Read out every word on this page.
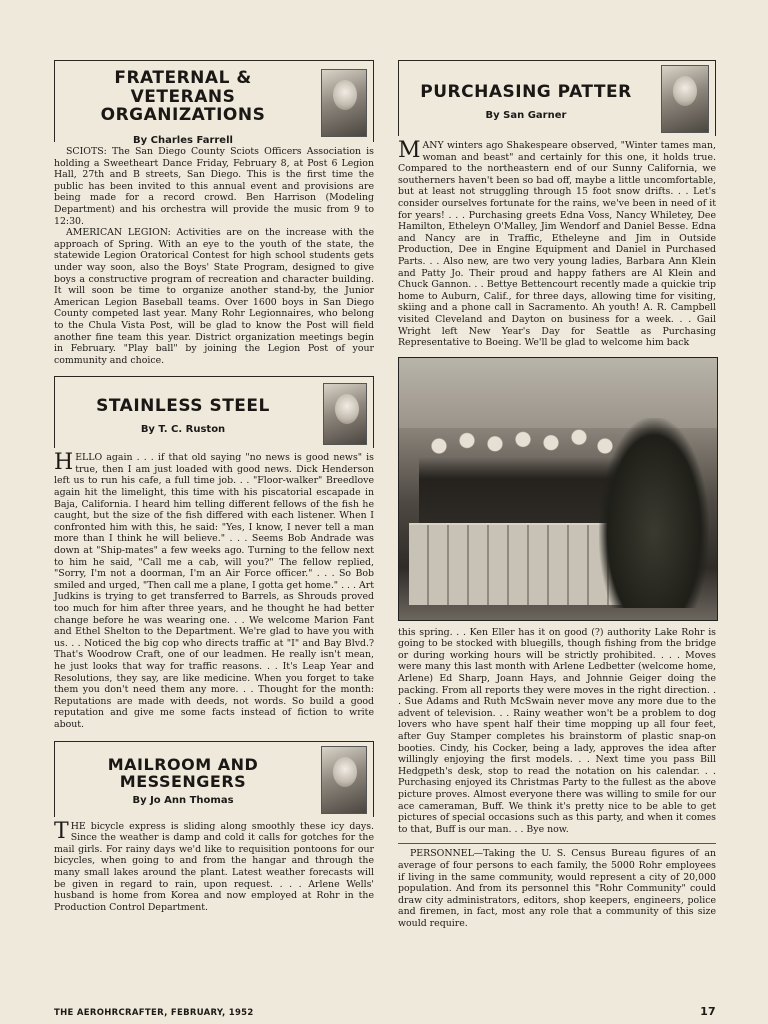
FRATERNAL & VETERANS ORGANIZATIONS
By Charles Farrell

SCIOTS: The San Diego County Sciots Officers Association is holding a Sweetheart Dance Friday, February 8, at Post 6 Legion Hall, 27th and B streets, San Diego. This is the first time the public has been invited to this annual event and provisions are being made for a record crowd. Ben Harrison (Modeling Department) and his orchestra will provide the music from 9 to 12:30.

AMERICAN LEGION: Activities are on the increase with the approach of Spring. With an eye to the youth of the state, the statewide Legion Oratorical Contest for high school students gets under way soon, also the Boys' State Program, designed to give boys a constructive program of recreation and character building. It will soon be time to organize another stand-by, the Junior American Legion Baseball teams. Over 1600 boys in San Diego County competed last year. Many Rohr Legionnaires, who belong to the Chula Vista Post, will be glad to know the Post will field another fine team this year. District organization meetings begin in February. "Play ball" by joining the Legion Post of your community and choice.

STAINLESS STEEL
By T. C. Ruston

HELLO again . . . if that old saying "no news is good news" is true, then I am just loaded with good news. Dick Henderson left us to run his cafe, a full time job. . . "Floor-walker" Breedlove again hit the limelight, this time with his piscatorial escapade in Baja, California. I heard him telling different fellows of the fish he caught, but the size of the fish differed with each listener. When I confronted him with this, he said: "Yes, I know, I never tell a man more than I think he will believe." . . . Seems Bob Andrade was down at "Ship-mates" a few weeks ago. Turning to the fellow next to him he said, "Call me a cab, will you?" The fellow replied, "Sorry, I'm not a doorman, I'm an Air Force officer." . . . So Bob smiled and urged, "Then call me a plane, I gotta get home." . . . Art Judkins is trying to get transferred to Barrels, as Shrouds proved too much for him after three years, and he thought he had better change before he was wearing one. . . We welcome Marion Fant and Ethel Shelton to the Department. We're glad to have you with us. . . Noticed the big cop who directs traffic at "I" and Bay Blvd.? That's Woodrow Craft, one of our leadmen. He really isn't mean, he just looks that way for traffic reasons. . . It's Leap Year and Resolutions, they say, are like medicine. When you forget to take them you don't need them any more. . . Thought for the month: Reputations are made with deeds, not words. So build a good reputation and give me some facts instead of fiction to write about.

MAILROOM AND MESSENGERS
By Jo Ann Thomas

THE bicycle express is sliding along smoothly these icy days. Since the weather is damp and cold it calls for gotches for the mail girls. For rainy days we'd like to requisition pontoons for our bicycles, when going to and from the hangar and through the many small lakes around the plant. Latest weather forecasts will be given in regard to rain, upon request. . . . Arlene Wells' husband is home from Korea and now employed at Rohr in the Production Control Department.

PURCHASING PATTER
By San Garner

MANY winters ago Shakespeare observed, "Winter tames man, woman and beast" and certainly for this one, it holds true. Compared to the northeastern end of our Sunny California, we southerners haven't been so bad off, maybe a little uncomfortable, but at least not struggling through 15 foot snow drifts. . . Let's consider ourselves fortunate for the rains, we've been in need of it for years! . . . Purchasing greets Edna Voss, Nancy Whiletey, Dee Hamilton, Etheleyn O'Malley, Jim Wendorf and Daniel Besse. Edna and Nancy are in Traffic, Etheleyne and Jim in Outside Production, Dee in Engine Equipment and Daniel in Purchased Parts. . . Also new, are two very young ladies, Barbara Ann Klein and Patty Jo. Their proud and happy fathers are Al Klein and Chuck Gannon. . . Bettye Bettencourt recently made a quickie trip home to Auburn, Calif., for three days, allowing time for visiting, skiing and a phone call in Sacramento. Ah youth! A. R. Campbell visited Cleveland and Dayton on business for a week. . . Gail Wright left New Year's Day for Seattle as Purchasing Representative to Boeing. We'll be glad to welcome him back

this spring. . . Ken Eller has it on good (?) authority Lake Rohr is going to be stocked with bluegills, though fishing from the bridge or during working hours will be strictly prohibited. . . . Moves were many this last month with Arlene Ledbetter (welcome home, Arlene) Ed Sharp, Joann Hays, and Johnnie Geiger doing the packing. From all reports they were moves in the right direction. . . Sue Adams and Ruth McSwain never move any more due to the advent of television. . . Rainy weather won't be a problem to dog lovers who have spent half their time mopping up all four feet, after Guy Stamper completes his brainstorm of plastic snap-on booties. Cindy, his Cocker, being a lady, approves the idea after willingly enjoying the first models. . . Next time you pass Bill Hedgpeth's desk, stop to read the notation on his calendar. . . Purchasing enjoyed its Christmas Party to the fullest as the above picture proves. Almost everyone there was willing to smile for our ace cameraman, Buff. We think it's pretty nice to be able to get pictures of special occasions such as this party, and when it comes to that, Buff is our man. . . Bye now.

PERSONNEL—Taking the U. S. Census Bureau figures of an average of four persons to each family, the 5000 Rohr employees if living in the same community, would represent a city of 20,000 population. And from its personnel this "Rohr Community" could draw city administrators, editors, shop keepers, engineers, police and firemen, in fact, most any role that a community of this size would require.

THE AEROHRCRAFTER, FEBRUARY, 1952	17
